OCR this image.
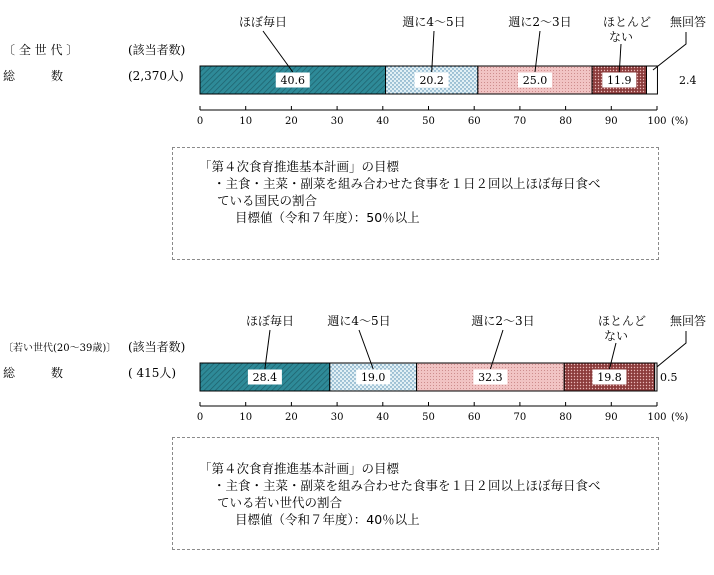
〔 全 世 代 〕	(該当者数)
総　　　数	(2,370人)	40.6
ほぼ毎日
20.2
週に4～5日
25.0
週に2～3日
11.9
ほとんど
ない
2.4
無回答
0	10	20	30	40	50	60	70	80	90	100 (%)
〔若い世代(20～39歳)〕 (該当者数)
総　　　数	( 415人)	28.4
ほぼ毎日
19.0
週に4～5日
32.3
週に2～3日
19.8
ほとんど
ない
0.5
無回答
0	10	20	30	40	50	60	70	80	90	100 (%)
「第４次食育推進基本計画」の目標
・主食・主菜・副菜を組み合わせた食事を１日２回以上ほぼ毎日食べ
ている国民の割合
目標値（令和７年度）：50％以上
「第４次食育推進基本計画」の目標
・主食・主菜・副菜を組み合わせた食事を１日２回以上ほぼ毎日食べ
ている若い世代の割合
目標値（令和７年度）：40％以上
